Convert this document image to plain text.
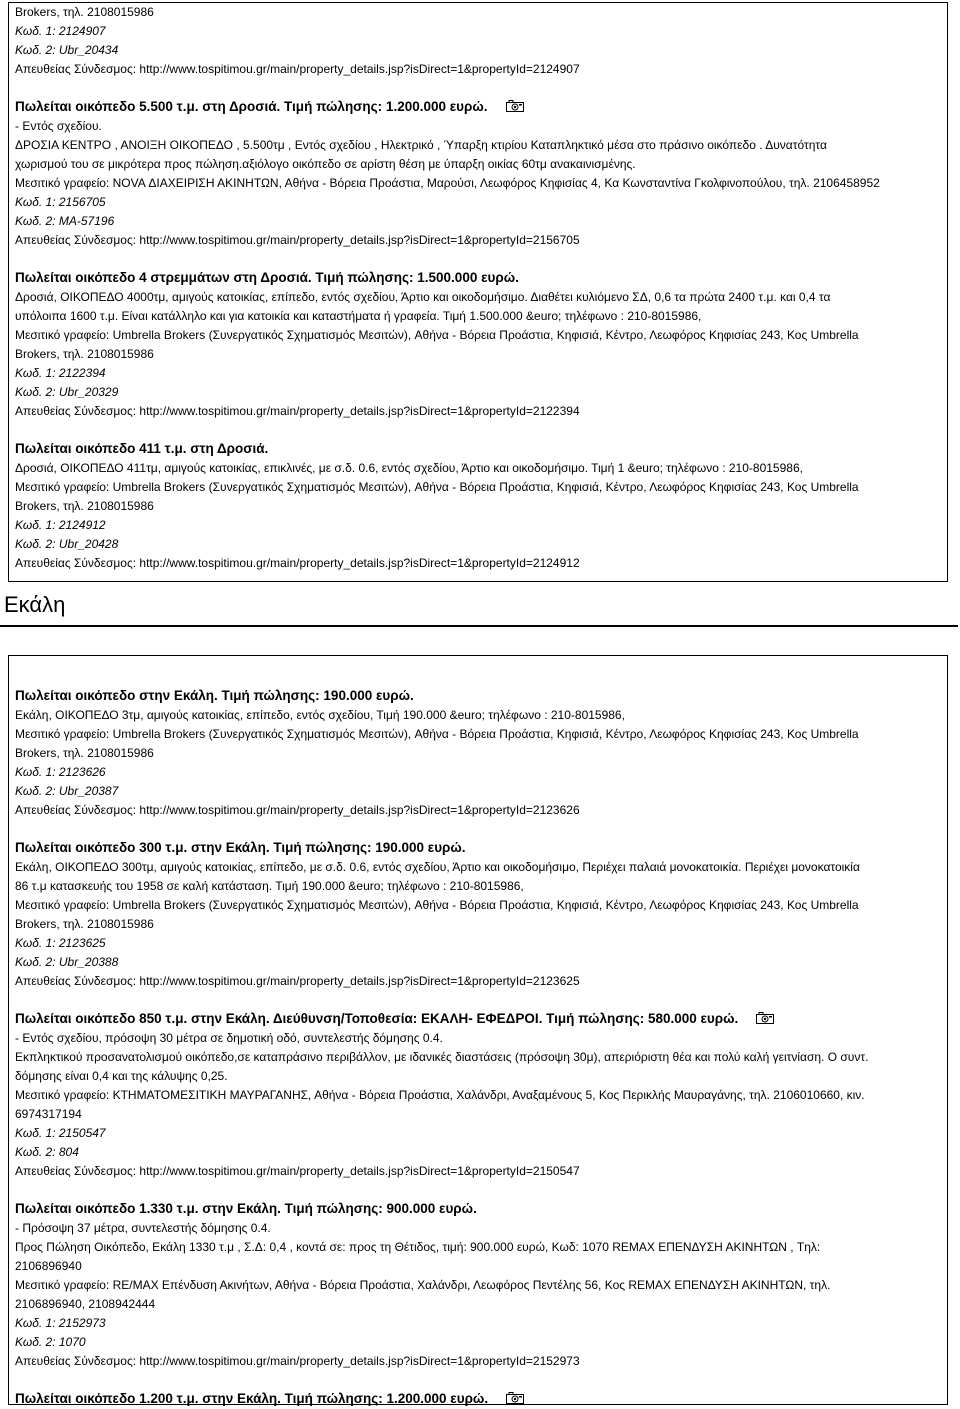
Brokers, τηλ. 2108015986
Κωδ. 1: 2124907
Κωδ. 2: Ubr_20434
Απευθείας Σύνδεσμος: http://www.tospitimou.gr/main/property_details.jsp?isDirect=1&propertyId=2124907
Πωλείται οικόπεδο 5.500 τ.μ. στη Δροσιά. Τιμή πώλησης: 1.200.000 ευρώ.
- Εντός σχεδίου.
ΔΡΟΣΙΑ ΚΕΝΤΡΟ , ΑΝΟΙΞΗ ΟΙΚΟΠΕΔΟ , 5.500τμ , Εντός σχεδίου , Ηλεκτρικό , Ύπαρξη κτιρίου Καταπληκτικό μέσα στο πράσινο οικόπεδο . Δυνατότητα
χωρισμού του σε μικρότερα προς πώληση.αξιόλογο οικόπεδο σε αρίστη θέση με ύπαρξη οικίας 60τμ ανακαινισμένης.
Μεσιτικό γραφείο: NOVA ΔΙΑΧΕΙΡΙΣΗ ΑΚΙΝΗΤΩΝ, Αθήνα - Βόρεια Προάστια, Μαρούσι, Λεωφόρος Κηφισίας 4, Κα Κωνσταντίνα Γκολφινοπούλου, τηλ. 2106458952
Κωδ. 1: 2156705
Κωδ. 2: MA-57196
Απευθείας Σύνδεσμος: http://www.tospitimou.gr/main/property_details.jsp?isDirect=1&propertyId=2156705
Πωλείται οικόπεδο 4 στρεμμάτων στη Δροσιά. Τιμή πώλησης: 1.500.000 ευρώ.
Δροσιά, ΟΙΚΟΠΕΔΟ 4000τμ, αμιγούς κατοικίας, επίπεδο, εντός σχεδίου, Άρτιο και οικοδομήσιμο. Διαθέτει κυλιόμενο ΣΔ, 0,6 τα πρώτα 2400 τ.μ. και 0,4 τα
υπόλοιπα 1600 τ.μ. Είναι κατάλληλο και για κατοικία και καταστήματα ή γραφεία. Τιμή 1.500.000 &euro; τηλέφωνο : 210-8015986,
Μεσιτικό γραφείο: Umbrella Brokers (Συνεργατικός Σχηματισμός Μεσιτών), Αθήνα - Βόρεια Προάστια, Κηφισιά, Κέντρο, Λεωφόρος Κηφισίας 243, Κος Umbrella
Brokers, τηλ. 2108015986
Κωδ. 1: 2122394
Κωδ. 2: Ubr_20329
Απευθείας Σύνδεσμος: http://www.tospitimou.gr/main/property_details.jsp?isDirect=1&propertyId=2122394
Πωλείται οικόπεδο 411 τ.μ. στη Δροσιά.
Δροσιά, ΟΙΚΟΠΕΔΟ 411τμ, αμιγούς κατοικίας, επικλινές, με σ.δ. 0.6, εντός σχεδίου, Άρτιο και οικοδομήσιμο. Τιμή 1 &euro; τηλέφωνο : 210-8015986,
Μεσιτικό γραφείο: Umbrella Brokers (Συνεργατικός Σχηματισμός Μεσιτών), Αθήνα - Βόρεια Προάστια, Κηφισιά, Κέντρο, Λεωφόρος Κηφισίας 243, Κος Umbrella
Brokers, τηλ. 2108015986
Κωδ. 1: 2124912
Κωδ. 2: Ubr_20428
Απευθείας Σύνδεσμος: http://www.tospitimou.gr/main/property_details.jsp?isDirect=1&propertyId=2124912
Εκάλη
Πωλείται οικόπεδο στην Εκάλη. Τιμή πώλησης: 190.000 ευρώ.
Εκάλη, ΟΙΚΟΠΕΔΟ 3τμ, αμιγούς κατοικίας, επίπεδο, εντός σχεδίου, Τιμή 190.000 &euro; τηλέφωνο : 210-8015986,
Μεσιτικό γραφείο: Umbrella Brokers (Συνεργατικός Σχηματισμός Μεσιτών), Αθήνα - Βόρεια Προάστια, Κηφισιά, Κέντρο, Λεωφόρος Κηφισίας 243, Κος Umbrella
Brokers, τηλ. 2108015986
Κωδ. 1: 2123626
Κωδ. 2: Ubr_20387
Απευθείας Σύνδεσμος: http://www.tospitimou.gr/main/property_details.jsp?isDirect=1&propertyId=2123626
Πωλείται οικόπεδο 300 τ.μ. στην Εκάλη. Τιμή πώλησης: 190.000 ευρώ.
Εκάλη, ΟΙΚΟΠΕΔΟ 300τμ, αμιγούς κατοικίας, επίπεδο, με σ.δ. 0.6, εντός σχεδίου, Άρτιο και οικοδομήσιμο, Περιέχει παλαιά μονοκατοικία. Περιέχει μονοκατοικία
86 τ.μ κατασκευής του 1958 σε καλή κατάσταση. Τιμή 190.000 &euro; τηλέφωνο : 210-8015986,
Μεσιτικό γραφείο: Umbrella Brokers (Συνεργατικός Σχηματισμός Μεσιτών), Αθήνα - Βόρεια Προάστια, Κηφισιά, Κέντρο, Λεωφόρος Κηφισίας 243, Κος Umbrella
Brokers, τηλ. 2108015986
Κωδ. 1: 2123625
Κωδ. 2: Ubr_20388
Απευθείας Σύνδεσμος: http://www.tospitimou.gr/main/property_details.jsp?isDirect=1&propertyId=2123625
Πωλείται οικόπεδο 850 τ.μ. στην Εκάλη. Διεύθυνση/Τοποθεσία: ΕΚΑΛΗ- ΕΦΕΔΡΟΙ. Τιμή πώλησης: 580.000 ευρώ.
- Εντός σχεδίου, πρόσοψη 30 μέτρα σε δημοτική οδό, συντελεστής δόμησης 0.4.
Εκπληκτικού προσανατολισμού οικόπεδο,σε καταπράσινο περιβάλλον, με ιδανικές διαστάσεις (πρόσοψη 30μ), απεριόριστη θέα και πολύ καλή γειτνίαση. Ο συντ.
δόμησης είναι 0,4 και της κάλυψης 0,25.
Μεσιτικό γραφείο: ΚΤΗΜΑΤΟΜΕΣΙΤΙΚΗ ΜΑΥΡΑΓΑΝΗΣ, Αθήνα - Βόρεια Προάστια, Χαλάνδρι, Αναξαμένους 5, Κος Περικλής Μαυραγάνης, τηλ. 2106010660, κιν.
6974317194
Κωδ. 1: 2150547
Κωδ. 2: 804
Απευθείας Σύνδεσμος: http://www.tospitimou.gr/main/property_details.jsp?isDirect=1&propertyId=2150547
Πωλείται οικόπεδο 1.330 τ.μ. στην Εκάλη. Τιμή πώλησης: 900.000 ευρώ.
- Πρόσοψη 37 μέτρα, συντελεστής δόμησης 0.4.
Προς Πώληση Οικόπεδο, Εκάλη 1330 τ.μ , Σ.Δ: 0,4 , κοντά σε: προς τη Θέτιδος, τιμή: 900.000 ευρώ, Κωδ: 1070 REMAX ΕΠΕΝΔΥΣΗ ΑΚΙΝΗΤΩΝ , Tηλ:
2106896940
Μεσιτικό γραφείο: RE/MAX Επένδυση Ακινήτων, Αθήνα - Βόρεια Προάστια, Χαλάνδρι, Λεωφόρος Πεντέλης 56, Κος REMAX ΕΠΕΝΔΥΣΗ ΑΚΙΝΗΤΩΝ, τηλ.
2106896940, 2108942444
Κωδ. 1: 2152973
Κωδ. 2: 1070
Απευθείας Σύνδεσμος: http://www.tospitimou.gr/main/property_details.jsp?isDirect=1&propertyId=2152973
Πωλείται οικόπεδο 1.200 τ.μ. στην Εκάλη. Τιμή πώλησης: 1.200.000 ευρώ.
